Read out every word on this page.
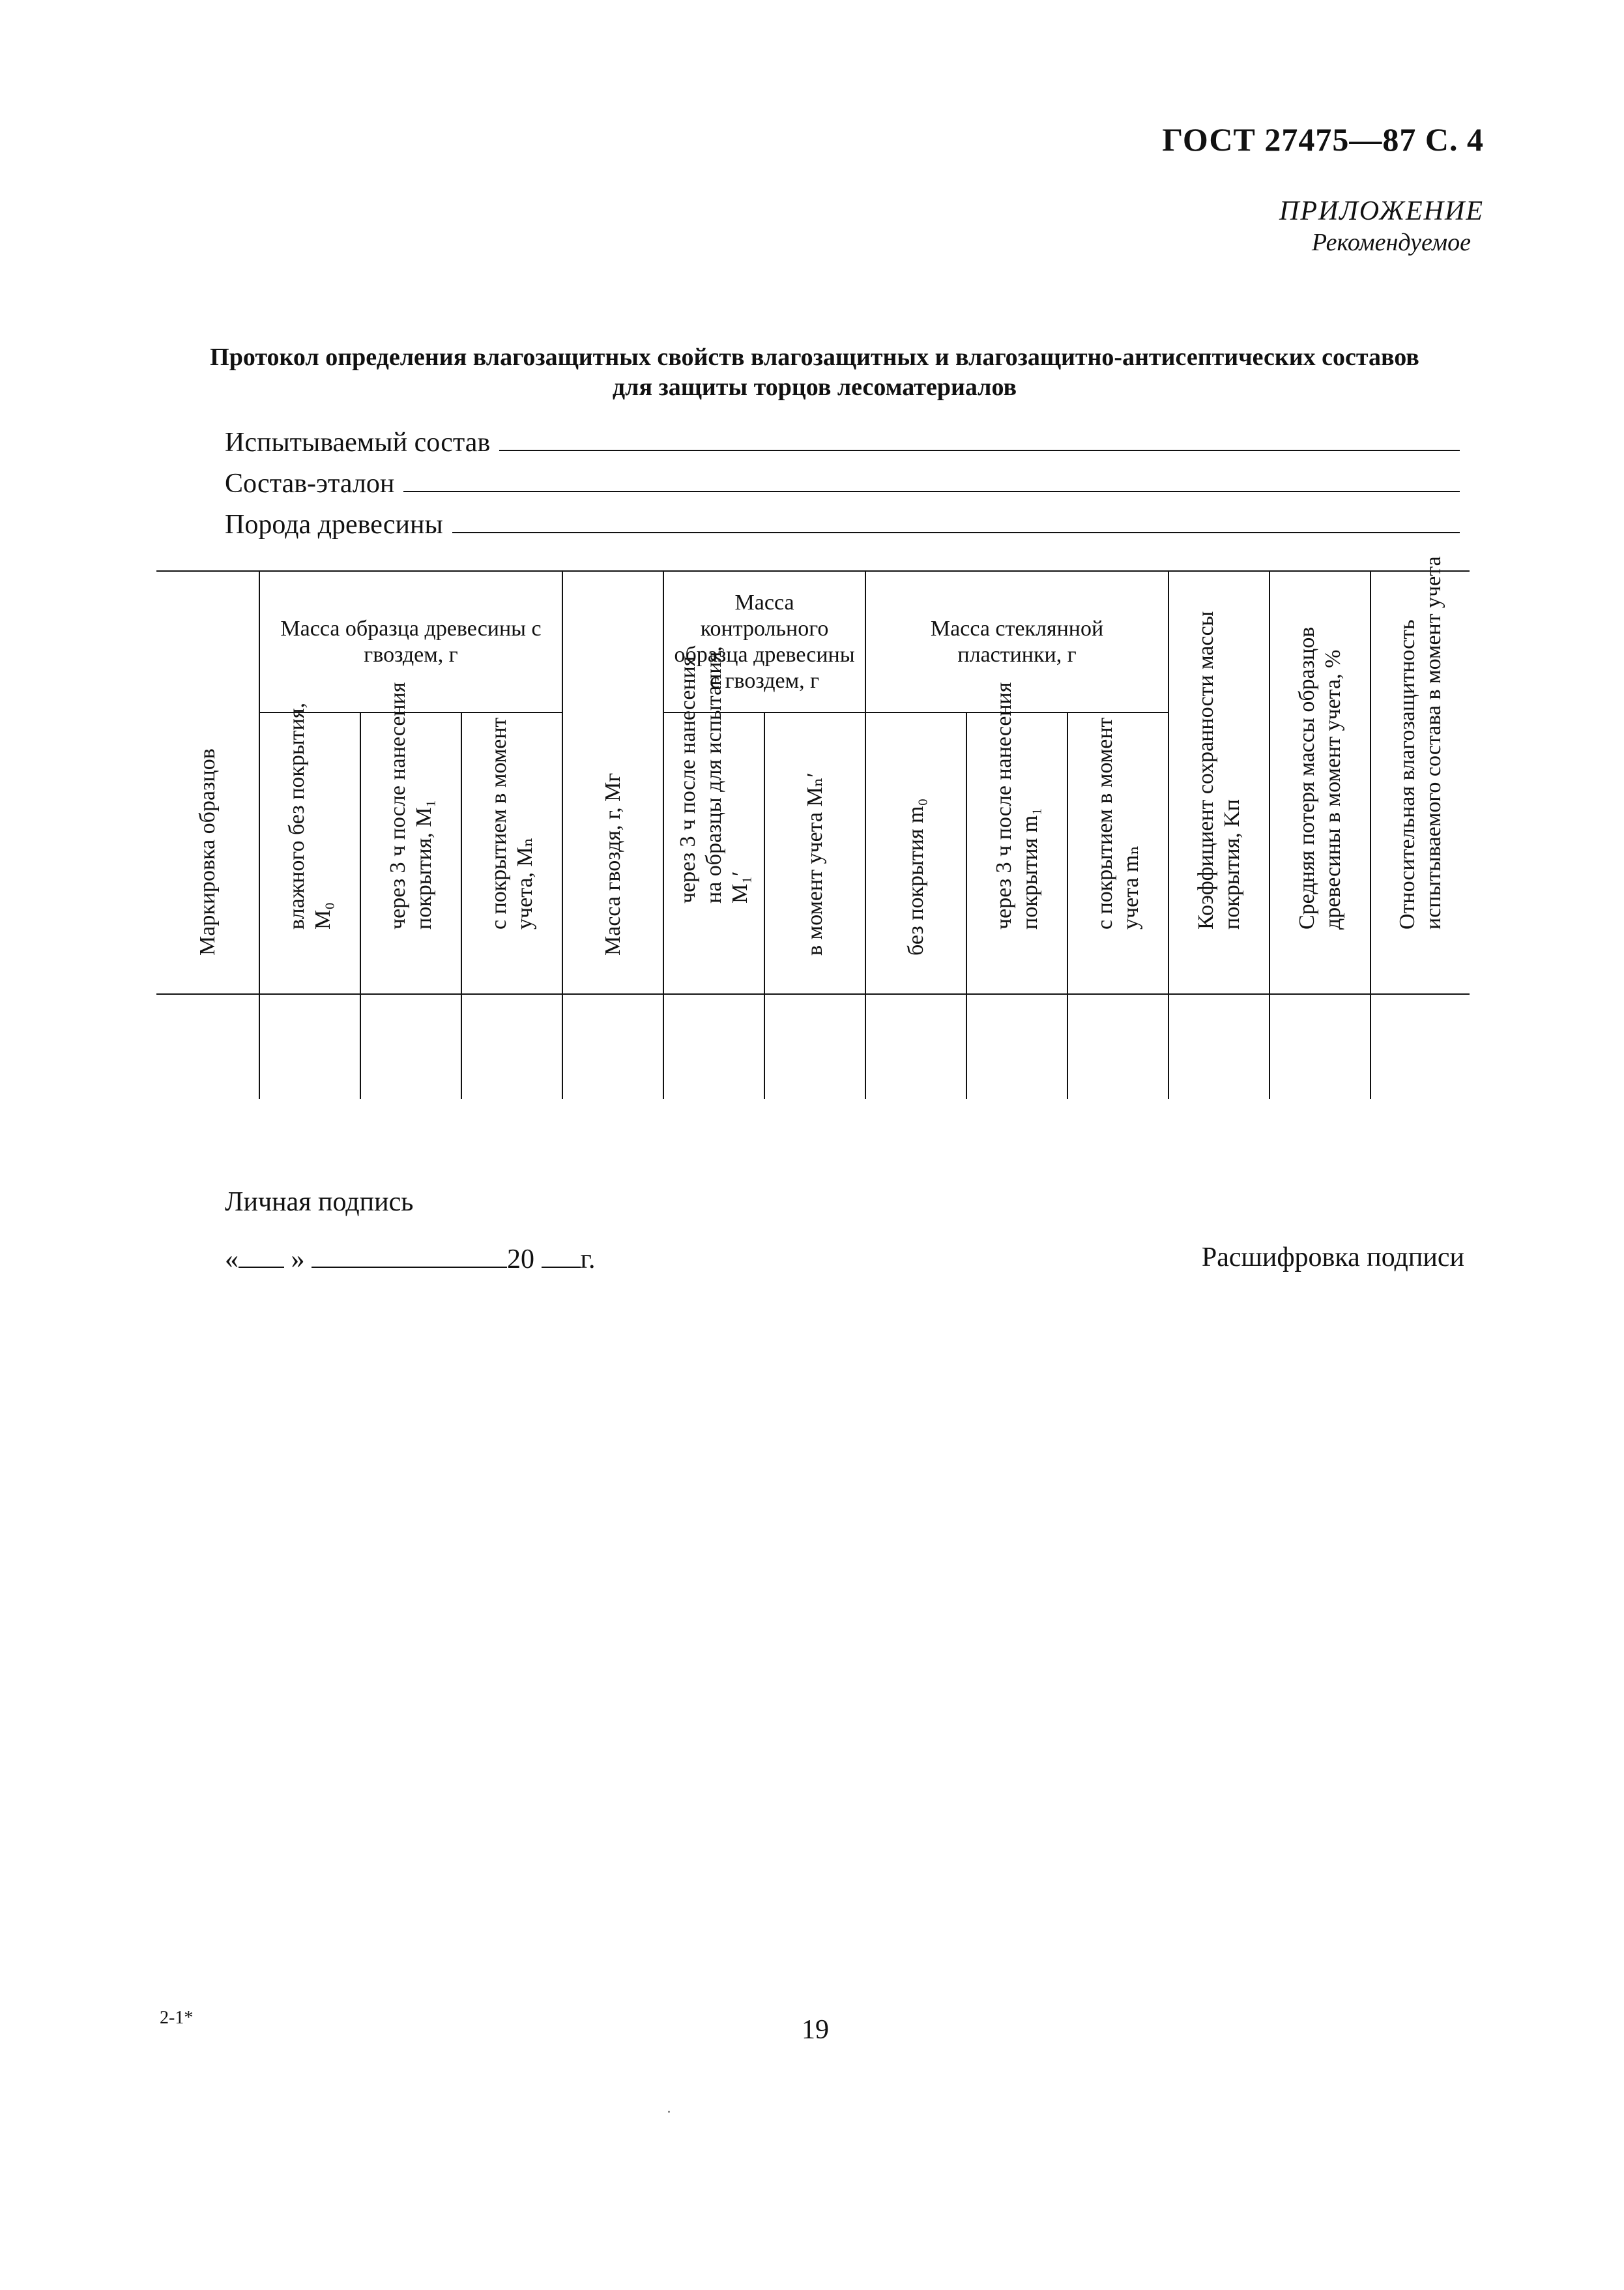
ГОСТ 27475—87 С. 4
ПРИЛОЖЕНИЕ
Рекомендуемое
Протокол определения влагозащитных свойств влагозащитных и влагозащитно-антисептических составов
для защиты торцов лесоматериалов
Испытываемый состав
Состав-эталон
Порода древесины
Маркировка образцов	Масса образца древесины с гвоздем, г			Масса гвоздя, г, Mг	Масса контрольного образца древесины с гвоздем, г		Масса стеклянной пластинки, г			Коэффициент сохранности массы покрытия, Kп	Средняя потеря массы образцов древесины в момент учета, %	Относительная влагозащитность испытываемого состава в момент учета

	влажного без покрытия, M₀	через 3 ч после нанесения покрытия, M₁	с покрытием в момент учета, Mₙ		через 3 ч после нанесения на образцы для испытания, M₁′	в момент учета Mₙ′	без покрытия m₀	через 3 ч после нанесения покрытия m₁	с покрытием в момент учета mₙ			

Личная подпись
« »	20 г.	Расшифровка подписи
2-1*	19
